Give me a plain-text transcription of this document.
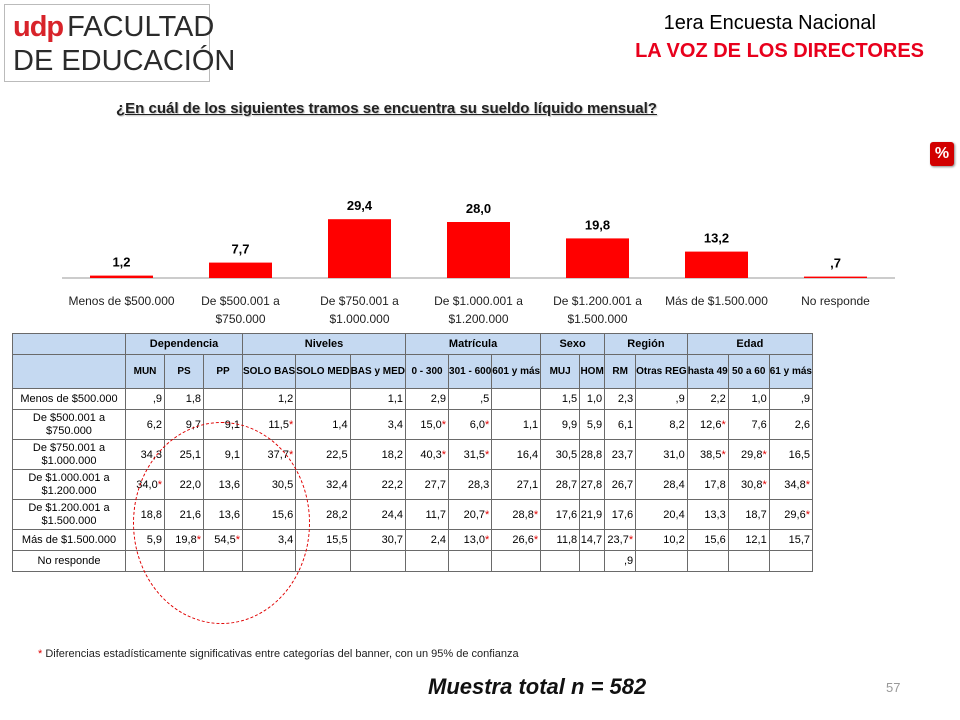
udp FACULTAD
DE EDUCACIÓN
1era Encuesta Nacional
LA VOZ DE LOS DIRECTORES
¿En cuál de los siguientes tramos se encuentra su sueldo líquido mensual?
%
1,2
7,7
29,4	28,0
19,8
13,2
,7
Menos de $500.000	De $500.001 a
$750.000
De $750.001 a
$1.000.000
De $1.000.001 a
$1.200.000
De $1.200.001 a
$1.500.000
Más de $1.500.000	No responde
	Dependencia			Niveles			Matrícula			Sexo		Región		Edad		
	MUN	PS	PP	SOLO BAS	SOLO MED	BAS y MED	0 - 300	301 - 600	601 y más	MUJ	HOM	RM	Otras REG	hasta 49	50 a 60	61 y más
Menos de $500.000	,9	1,8		1,2		1,1	2,9	,5		1,5	1,0	2,3	,9	2,2	1,0	,9
De $500.001 a $750.000	6,2	9,7	9,1	11,5*	1,4	3,4	15,0*	6,0*	1,1	9,9	5,9	6,1	8,2	12,6*	7,6	2,6
De $750.001 a $1.000.000	34,3	25,1	9,1	37,7*	22,5	18,2	40,3*	31,5*	16,4	30,5	28,8	23,7	31,0	38,5*	29,8*	16,5
De $1.000.001 a $1.200.000	34,0*	22,0	13,6	30,5	32,4	22,2	27,7	28,3	27,1	28,7	27,8	26,7	28,4	17,8	30,8*	34,8*
De $1.200.001 a $1.500.000	18,8	21,6	13,6	15,6	28,2	24,4	11,7	20,7*	28,8*	17,6	21,9	17,6	20,4	13,3	18,7	29,6*
Más de $1.500.000	5,9	19,8*	54,5*	3,4	15,5	30,7	2,4	13,0*	26,6*	11,8	14,7	23,7*	10,2	15,6	12,1	15,7
No responde												,9				
* Diferencias estadísticamente significativas entre categorías del banner, con un 95% de confianza
Muestra total n = 582	57
